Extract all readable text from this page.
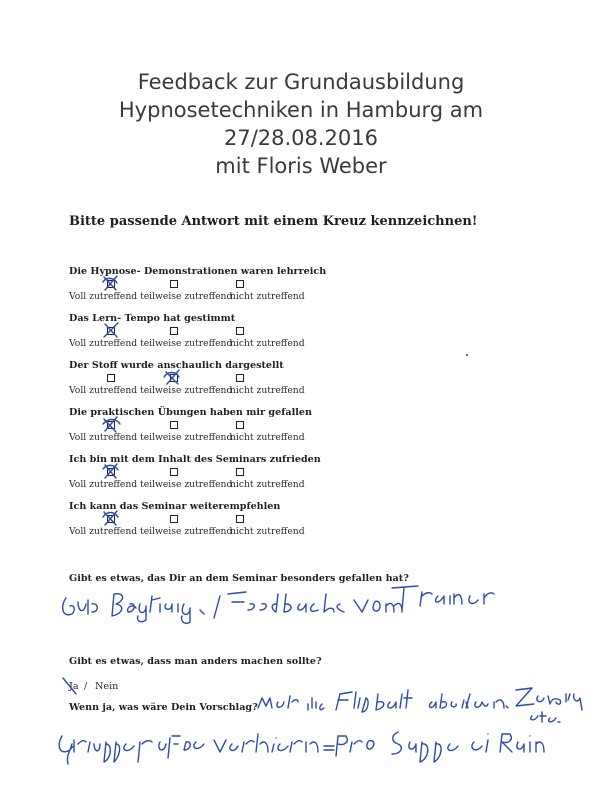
Feedback zur Grundausbildung
Hypnosetechniken in Hamburg am
27/28.08.2016
mit Floris Weber
Bitte passende Antwort mit einem Kreuz kennzeichnen!
Die Hypnose- Demonstrationen waren lehrreich
Voll zutreffend teilweise zutreffend
nicht zutreffend
Das Lern- Tempo hat gestimmt
Voll zutreffend teilweise zutreffend
nicht zutreffend
Der Stoff wurde anschaulich dargestellt
Voll zutreffend teilweise zutreffend
nicht zutreffend
Die praktischen Übungen haben mir gefallen
Voll zutreffend teilweise zutreffend
nicht zutreffend
Ich bin mit dem Inhalt des Seminars zufrieden
Voll zutreffend teilweise zutreffend
nicht zutreffend
Ich kann das Seminar weiterempfehlen
Voll zutreffend teilweise zutreffend
nicht zutreffend
Gibt es etwas, das Dir an dem Seminar besonders gefallen hat?
Gibt es etwas, dass man anders machen sollte?
Ja / Nein
Wenn ja, was wäre Dein Vorschlag?
